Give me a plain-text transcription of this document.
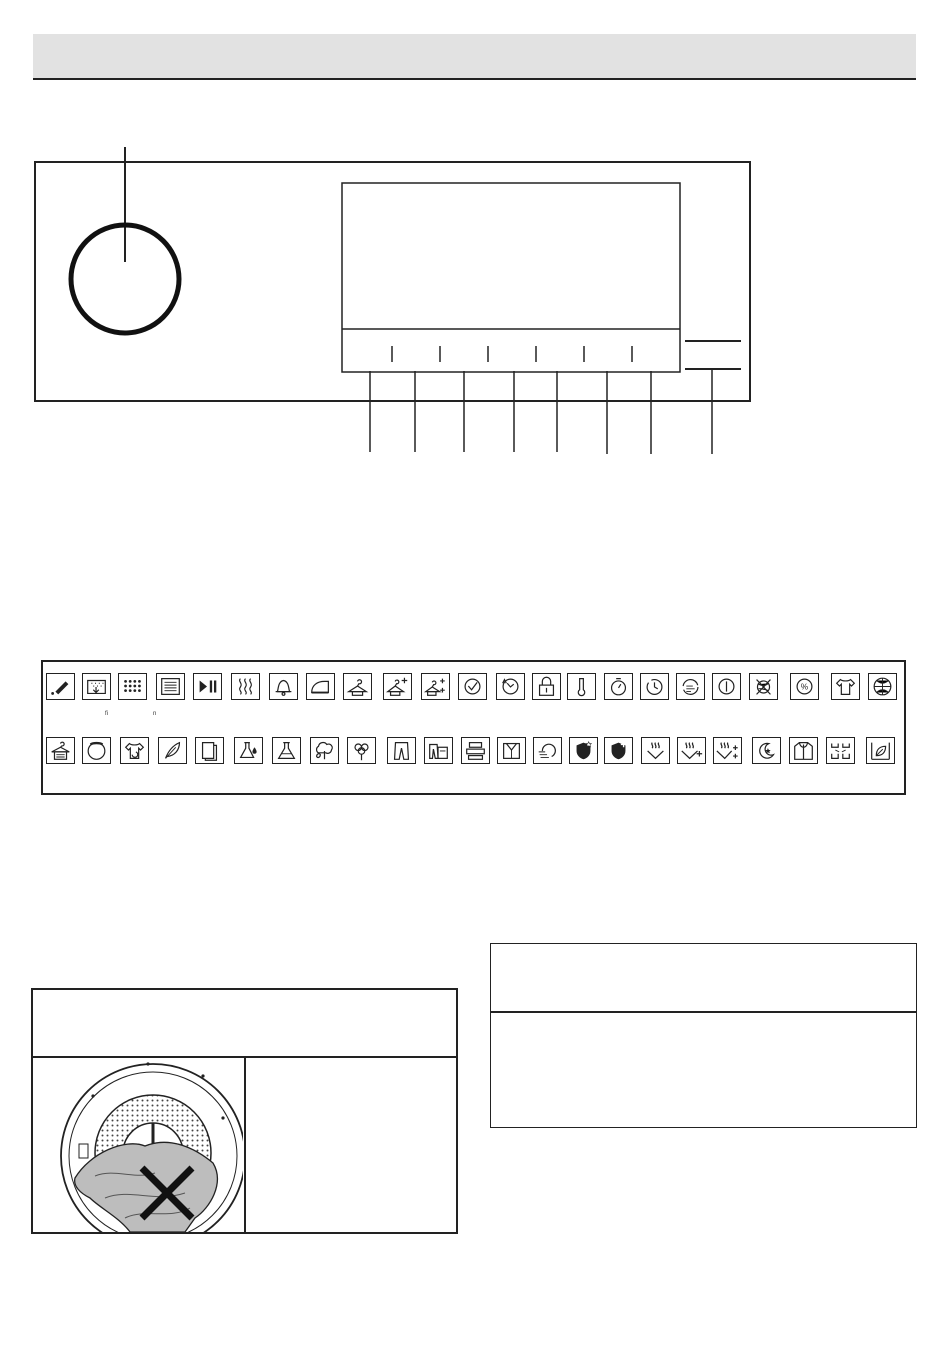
%
fi	n
